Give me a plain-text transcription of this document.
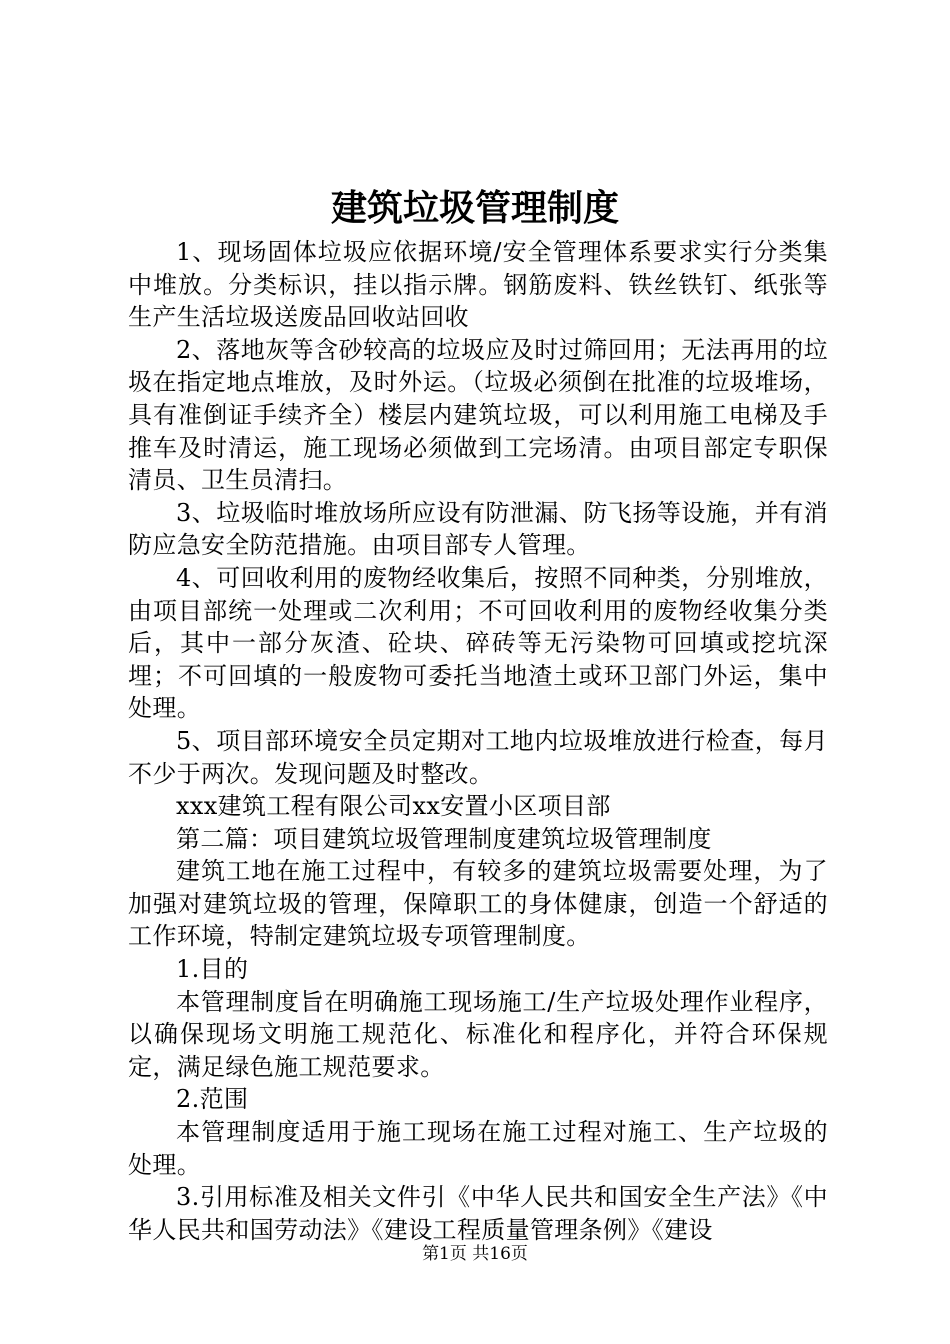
建筑垃圾管理制度

1、现场固体垃圾应依据环境/安全管理体系要求实行分类集中堆放。分类标识，挂以指示牌。钢筋废料、铁丝铁钉、纸张等生产生活垃圾送废品回收站回收

2、落地灰等含砂较高的垃圾应及时过筛回用；无法再用的垃圾在指定地点堆放，及时外运。（垃圾必须倒在批准的垃圾堆场，具有准倒证手续齐全）楼层内建筑垃圾，可以利用施工电梯及手推车及时清运，施工现场必须做到工完场清。由项目部定专职保清员、卫生员清扫。

3、垃圾临时堆放场所应设有防泄漏、防飞扬等设施，并有消防应急安全防范措施。由项目部专人管理。

4、可回收利用的废物经收集后，按照不同种类，分别堆放，由项目部统一处理或二次利用；不可回收利用的废物经收集分类后，其中一部分灰渣、砼块、碎砖等无污染物可回填或挖坑深埋；不可回填的一般废物可委托当地渣土或环卫部门外运，集中处理。

5、项目部环境安全员定期对工地内垃圾堆放进行检查，每月不少于两次。发现问题及时整改。

xxx建筑工程有限公司xx安置小区项目部

第二篇：项目建筑垃圾管理制度建筑垃圾管理制度

建筑工地在施工过程中，有较多的建筑垃圾需要处理，为了加强对建筑垃圾的管理，保障职工的身体健康，创造一个舒适的工作环境，特制定建筑垃圾专项管理制度。

1.目的

本管理制度旨在明确施工现场施工/生产垃圾处理作业程序，以确保现场文明施工规范化、标准化和程序化，并符合环保规定，满足绿色施工规范要求。

2.范围

本管理制度适用于施工现场在施工过程对施工、生产垃圾的处理。

3.引用标准及相关文件引《中华人民共和国安全生产法》《中华人民共和国劳动法》《建设工程质量管理条例》《建设

第1页 共16页
